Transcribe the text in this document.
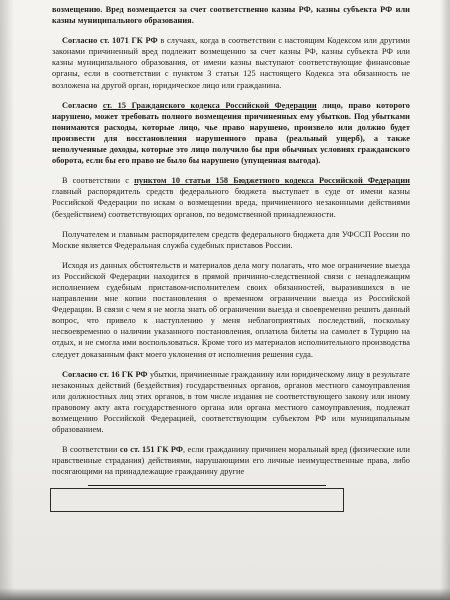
возмещению. Вред возмещается за счет соответственно казны РФ, казны субъекта РФ или казны муниципального образования.

Согласно ст. 1071 ГК РФ в случаях, когда в соответствии с настоящим Кодексом или другими законами причиненный вред подлежит возмещению за счет казны РФ, казны субъекта РФ или казны муниципального образования, от имени казны выступают соответствующие финансовые органы, если в соответствии с пунктом 3 статьи 125 настоящего Кодекса эта обязанность не возложена на другой орган, юридическое лицо или гражданина.

Согласно ст. 15 Гражданского кодекса Российской Федерации лицо, право которого нарушено, может требовать полного возмещения причиненных ему убытков. Под убытками понимаются расходы, которые лицо, чье право нарушено, произвело или должно будет произвести для восстановления нарушенного права (реальный ущерб), а также неполученные доходы, которые это лицо получило бы при обычных условиях гражданского оборота, если бы его право не было бы нарушено (упущенная выгода).

В соответствии с пунктом 10 статьи 158 Бюджетного кодекса Российской Федерации главный распорядитель средств федерального бюджета выступает в суде от имени казны Российской Федерации по искам о возмещении вреда, причиненного незаконными действиями (бездействием) соответствующих органов, по ведомственной принадлежности.

Получателем и главным распорядителем средств федерального бюджета для УФССП России по Москве является Федеральная служба судебных приставов России.

Исходя из данных обстоятельств и материалов дела могу полагать, что мое ограничение выезда из Российской Федерации находится в прямой причинно-следственной связи с ненадлежащим исполнением судебным приставом-исполнителем своих обязанностей, выразившихся в не направлении мне копии постановления о временном ограничении выезда из Российской Федерации. В связи с чем я не могла знать об ограничении выезда и своевременно решить данный вопрос, что привело к наступлению у меня неблагоприятных последствий, поскольку несвоевременно о наличии указанного постановления, оплатила билеты на самолет в Турцию на отдых, и не смогла ими воспользоваться. Кроме того из материалов исполнительного производства следует доказанным факт моего уклонения от исполнения решения суда.

Согласно ст. 16 ГК РФ убытки, причиненные гражданину или юридическому лицу в результате незаконных действий (бездействия) государственных органов, органов местного самоуправления или должностных лиц этих органов, в том числе издания не соответствующего закону или иному правовому акту акта государственного органа или органа местного самоуправления, подлежат возмещению Российской Федерацией, соответствующим субъектом РФ или муниципальным образованием.

В соответствии со ст. 151 ГК РФ, если гражданину причинен моральный вред (физические или нравственные страдания) действиями, нарушающими его личные неимущественные права, либо посягающими на принадлежащие гражданину другие
